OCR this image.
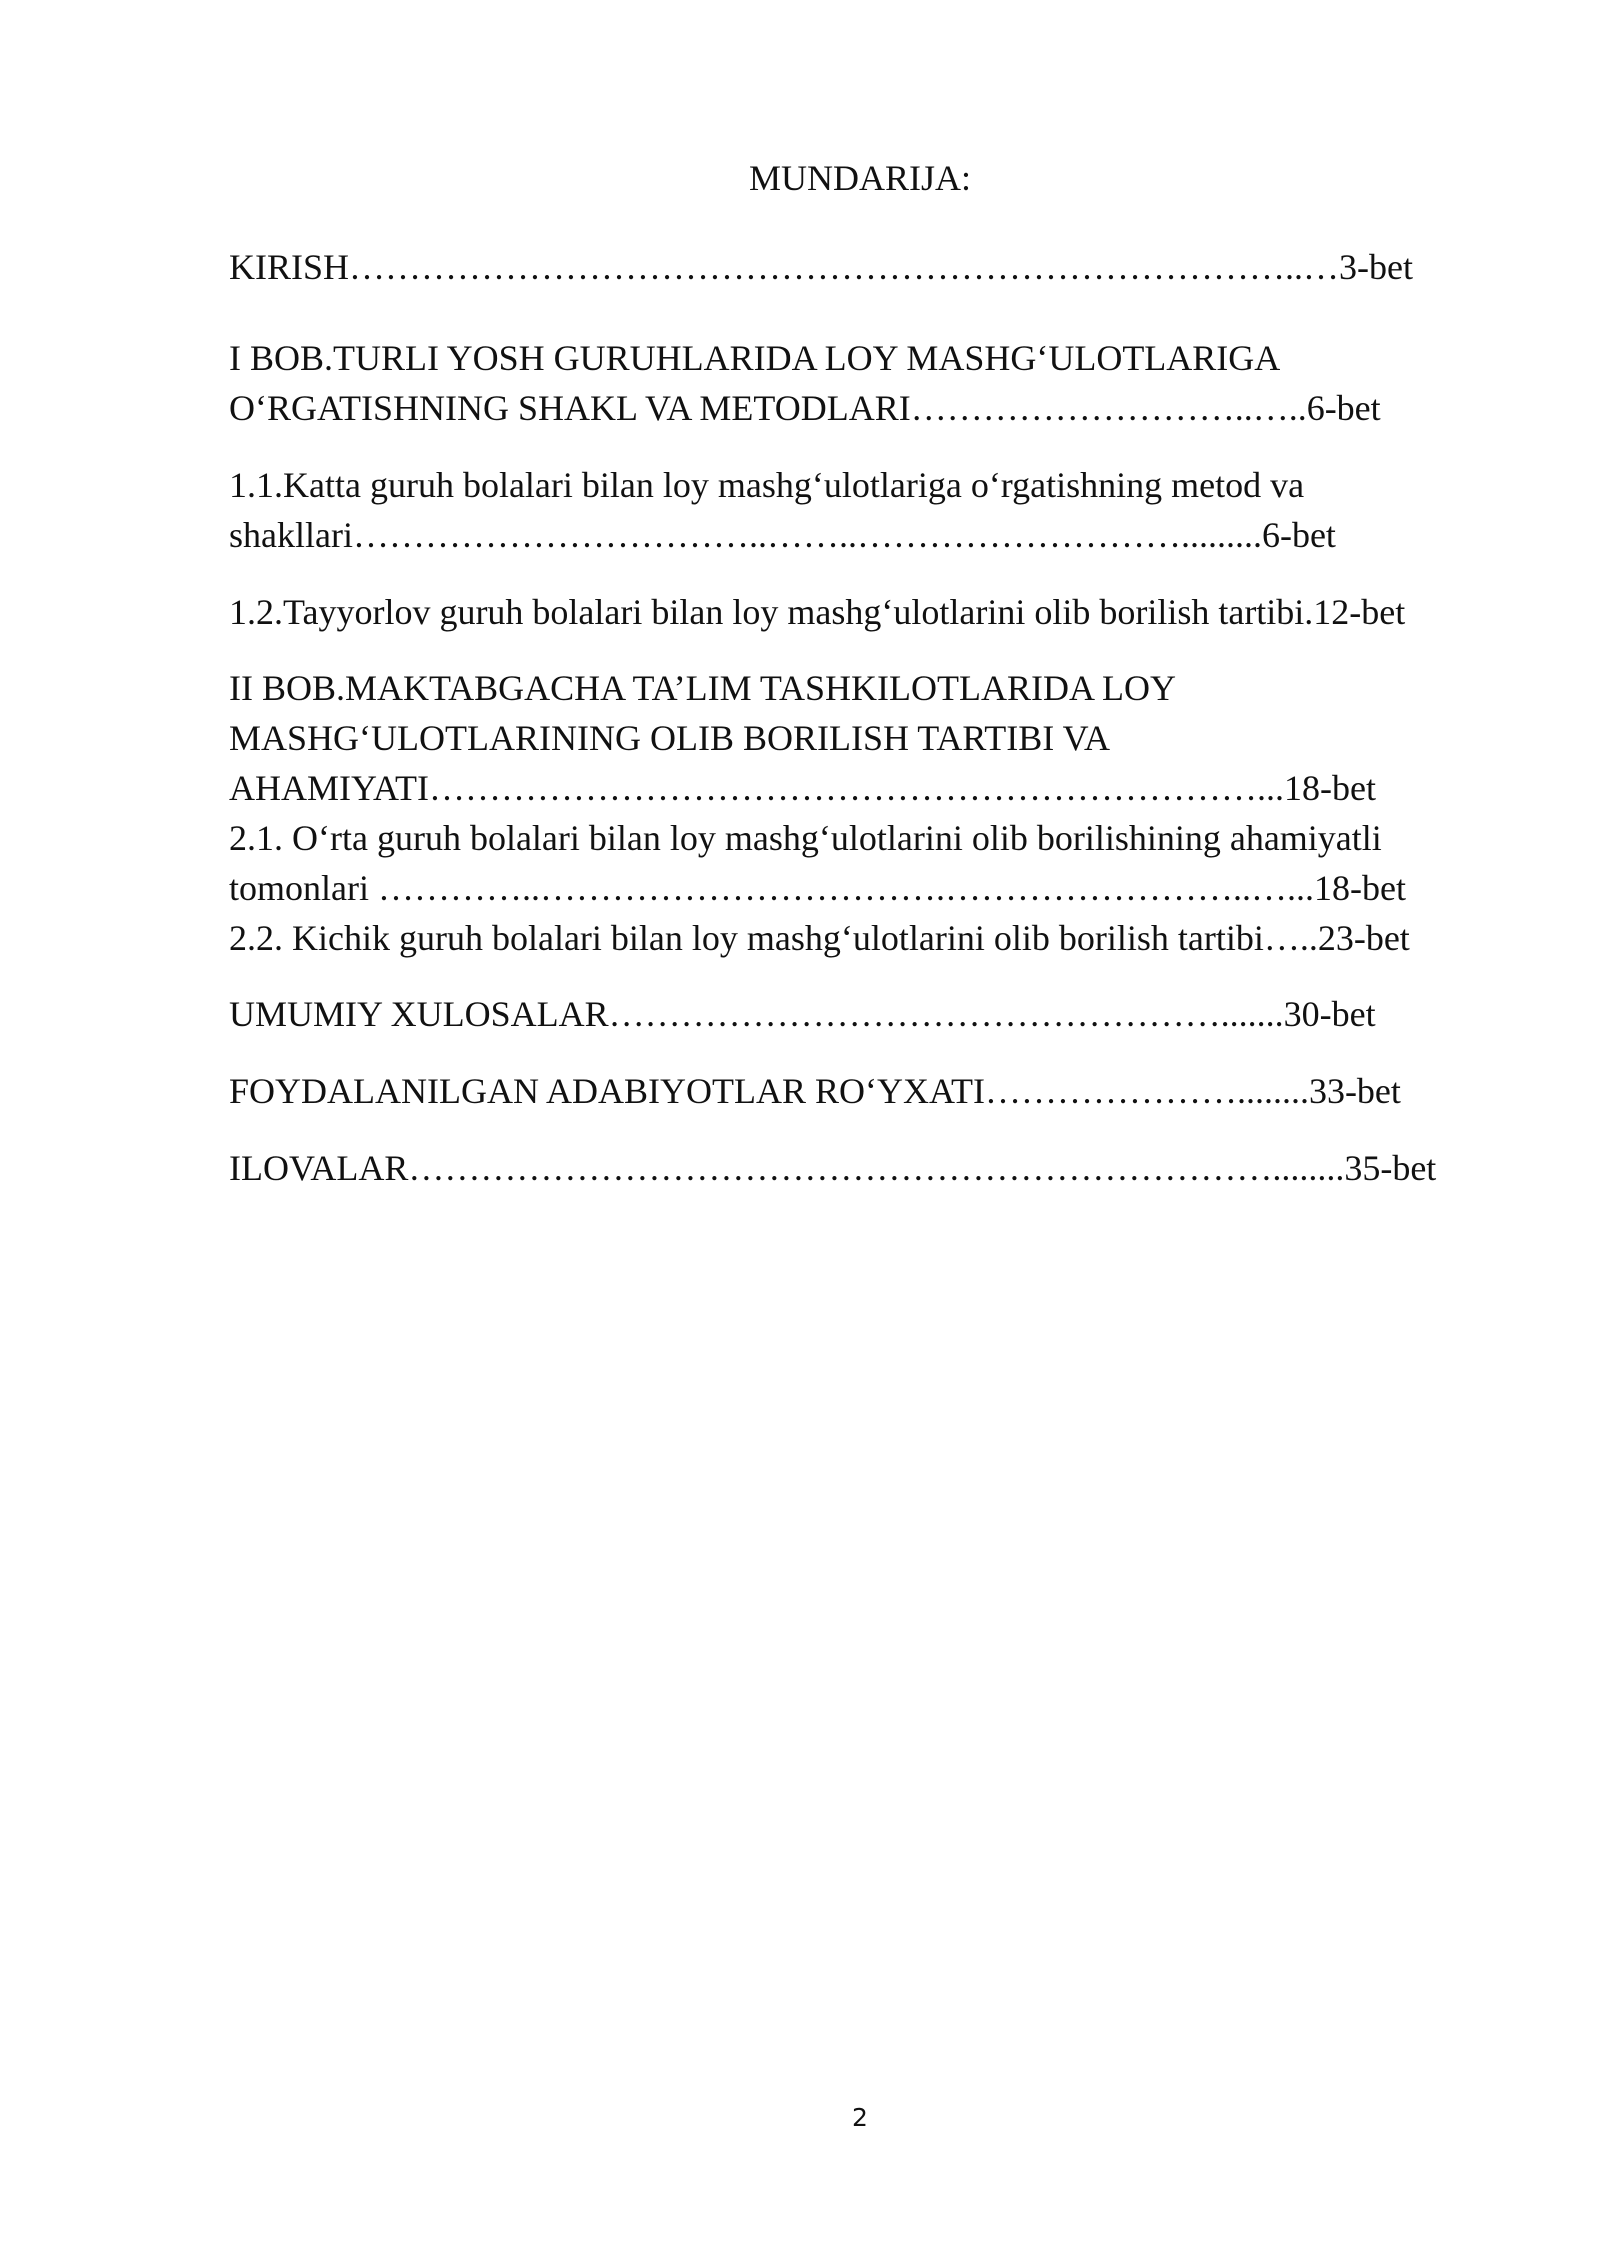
MUNDARIJA:
KIRISH……………………………………………………………………..…3-bet
I BOB.TURLI YOSH GURUHLARIDA LOY MASHG‘ULOTLARIGA
O‘RGATISHNING SHAKL VA METODLARI………………………..…..6-bet
1.1.Katta guruh bolalari bilan loy mashg‘ulotlariga o‘rgatishning metod va
shakllari……………………………..……..……………………….........6-bet
1.2.Tayyorlov guruh bolalari bilan loy mashg‘ulotlarini olib borilish tartibi.12-bet
II BOB.MAKTABGACHA TA’LIM TASHKILOTLARIDA LOY
MASHG‘ULOTLARINING OLIB BORILISH TARTIBI VA
AHAMIYATI……………………………………………………………...18-bet
2.1. O‘rta guruh bolalari bilan loy mashg‘ulotlarini olib borilishining ahamiyatli
tomonlari …………..…………………………….……………………..…...18-bet
2.2. Kichik guruh bolalari bilan loy mashg‘ulotlarini olib borilish tartibi…..23-bet
UMUMIY XULOSALAR…………………………………………….......30-bet
FOYDALANILGAN ADABIYOTLAR RO‘YXATI…………………........33-bet
ILOVALAR………………………………………………………………........35-bet
2
